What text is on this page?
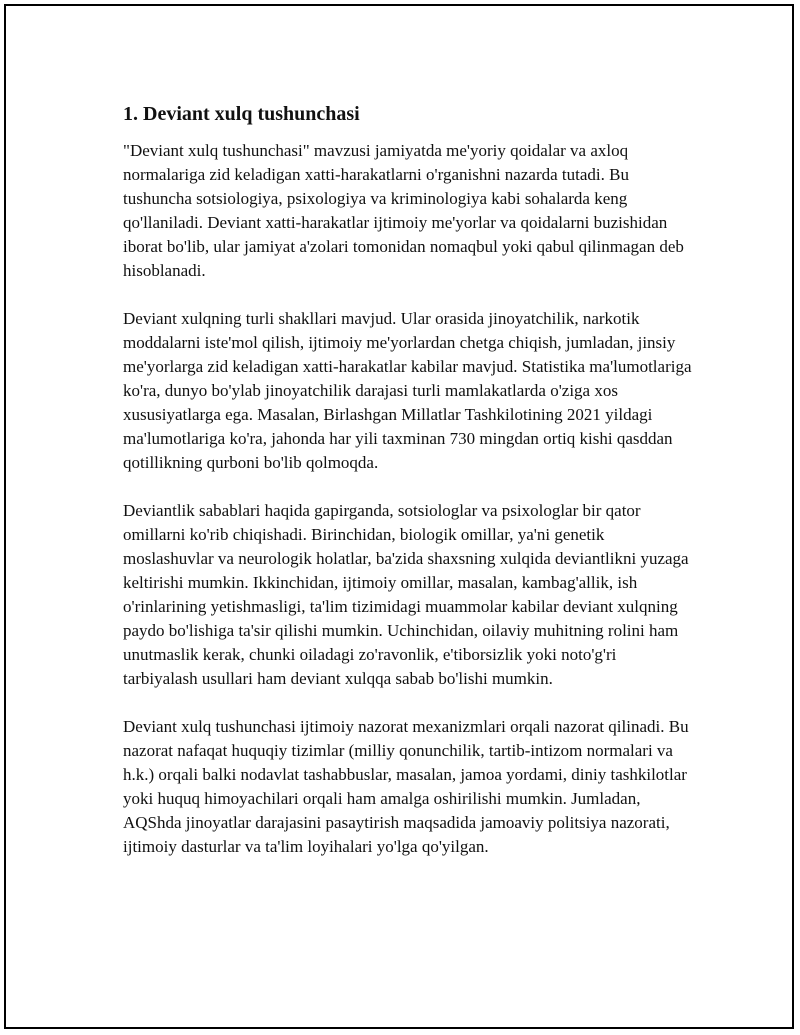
1. Deviant xulq tushunchasi

"Deviant xulq tushunchasi" mavzusi jamiyatda me'yoriy qoidalar va axloq normalariga zid keladigan xatti-harakatlarni o'rganishni nazarda tutadi. Bu tushuncha sotsiologiya, psixologiya va kriminologiya kabi sohalarda keng qo'llaniladi. Deviant xatti-harakatlar ijtimoiy me'yorlar va qoidalarni buzishidan iborat bo'lib, ular jamiyat a'zolari tomonidan nomaqbul yoki qabul qilinmagan deb hisoblanadi.

Deviant xulqning turli shakllari mavjud. Ular orasida jinoyatchilik, narkotik moddalarni iste'mol qilish, ijtimoiy me'yorlardan chetga chiqish, jumladan, jinsiy me'yorlarga zid keladigan xatti-harakatlar kabilar mavjud. Statistika ma'lumotlariga ko'ra, dunyo bo'ylab jinoyatchilik darajasi turli mamlakatlarda o'ziga xos xususiyatlarga ega. Masalan, Birlashgan Millatlar Tashkilotining 2021 yildagi ma'lumotlariga ko'ra, jahonda har yili taxminan 730 mingdan ortiq kishi qasddan qotillikning qurboni bo'lib qolmoqda.

Deviantlik sabablari haqida gapirganda, sotsiologlar va psixologlar bir qator omillarni ko'rib chiqishadi. Birinchidan, biologik omillar, ya'ni genetik moslashuvlar va neurologik holatlar, ba'zida shaxsning xulqida deviantlikni yuzaga keltirishi mumkin. Ikkinchidan, ijtimoiy omillar, masalan, kambag'allik, ish o'rinlarining yetishmasligi, ta'lim tizimidagi muammolar kabilar deviant xulqning paydo bo'lishiga ta'sir qilishi mumkin. Uchinchidan, oilaviy muhitning rolini ham unutmaslik kerak, chunki oiladagi zo'ravonlik, e'tiborsizlik yoki noto'g'ri tarbiyalash usullari ham deviant xulqqa sabab bo'lishi mumkin.

Deviant xulq tushunchasi ijtimoiy nazorat mexanizmlari orqali nazorat qilinadi. Bu nazorat nafaqat huquqiy tizimlar (milliy qonunchilik, tartib-intizom normalari va h.k.) orqali balki nodavlat tashabbuslar, masalan, jamoa yordami, diniy tashkilotlar yoki huquq himoyachilari orqali ham amalga oshirilishi mumkin. Jumladan, AQShda jinoyatlar darajasini pasaytirish maqsadida jamoaviy politsiya nazorati, ijtimoiy dasturlar va ta'lim loyihalari yo'lga qo'yilgan.
